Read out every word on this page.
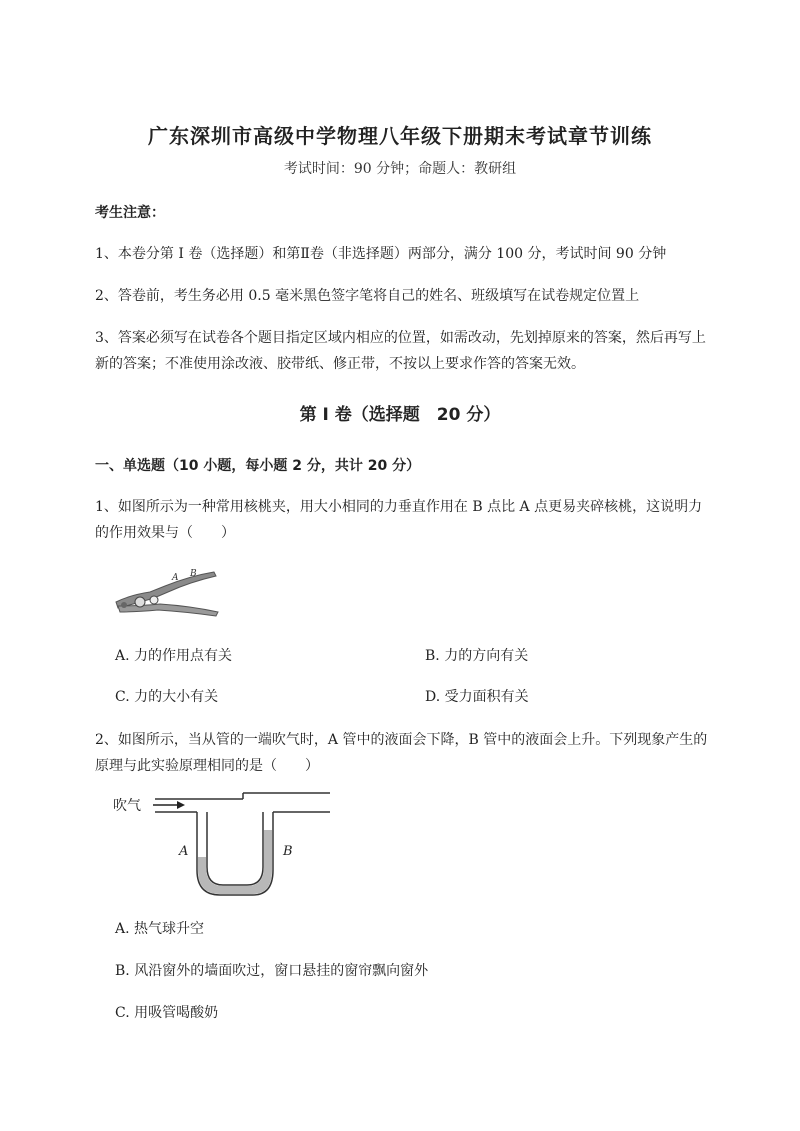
广东深圳市高级中学物理八年级下册期末考试章节训练
考试时间：90 分钟；命题人：教研组
考生注意：
1、本卷分第 I 卷（选择题）和第Ⅱ卷（非选择题）两部分，满分 100 分，考试时间 90 分钟
2、答卷前，考生务必用 0.5 毫米黑色签字笔将自己的姓名、班级填写在试卷规定位置上
3、答案必须写在试卷各个题目指定区域内相应的位置，如需改动，先划掉原来的答案，然后再写上新的答案；不准使用涂改液、胶带纸、修正带，不按以上要求作答的答案无效。
第 I 卷（选择题　20 分）
一、单选题（10 小题，每小题 2 分，共计 20 分）
1、如图所示为一种常用核桃夹，用大小相同的力垂直作用在 B 点比 A 点更易夹碎核桃，这说明力的作用效果与（　　）
A B
A. 力的作用点有关	B. 力的方向有关
C. 力的大小有关	D. 受力面积有关
2、如图所示，当从管的一端吹气时，A 管中的液面会下降，B 管中的液面会上升。下列现象产生的原理与此实验原理相同的是（　　）
吹气
A	B
A. 热气球升空
B. 风沿窗外的墙面吹过，窗口悬挂的窗帘飘向窗外
C. 用吸管喝酸奶
